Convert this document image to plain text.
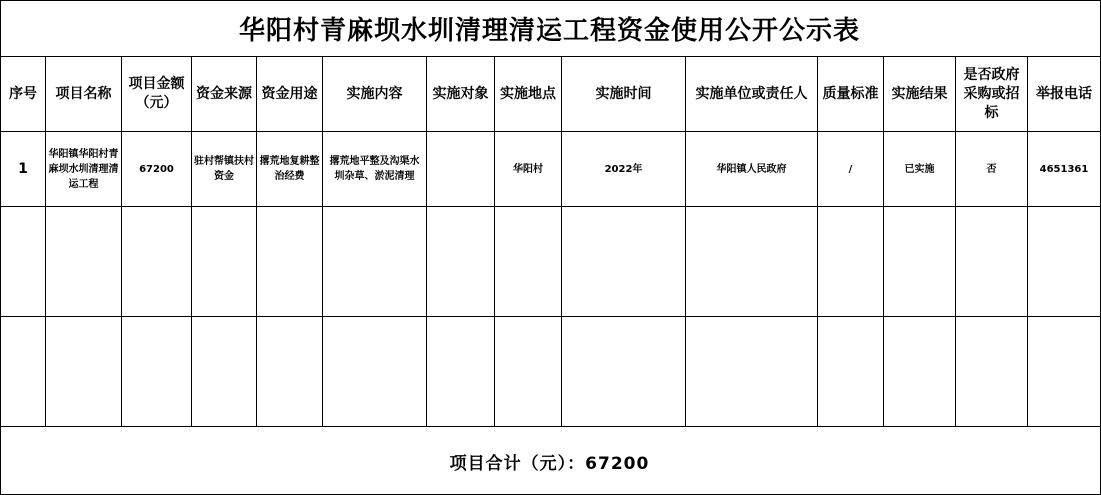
华阳村青麻坝水圳清理清运工程资金使用公开公示表
序号	项目名称	项目金额（元）	资金来源	资金用途	实施内容	实施对象	实施地点	实施时间	实施单位或责任人	质量标准	实施结果	是否政府采购或招标	举报电话
1	华阳镇华阳村青麻坝水圳清理清运工程	67200	驻村帮镇扶村资金	撂荒地复耕整治经费	撂荒地平整及沟渠水圳杂草、淤泥清理		华阳村	2022年	华阳镇人民政府	/	已实施	否	4651361

项目合计（元）：67200
